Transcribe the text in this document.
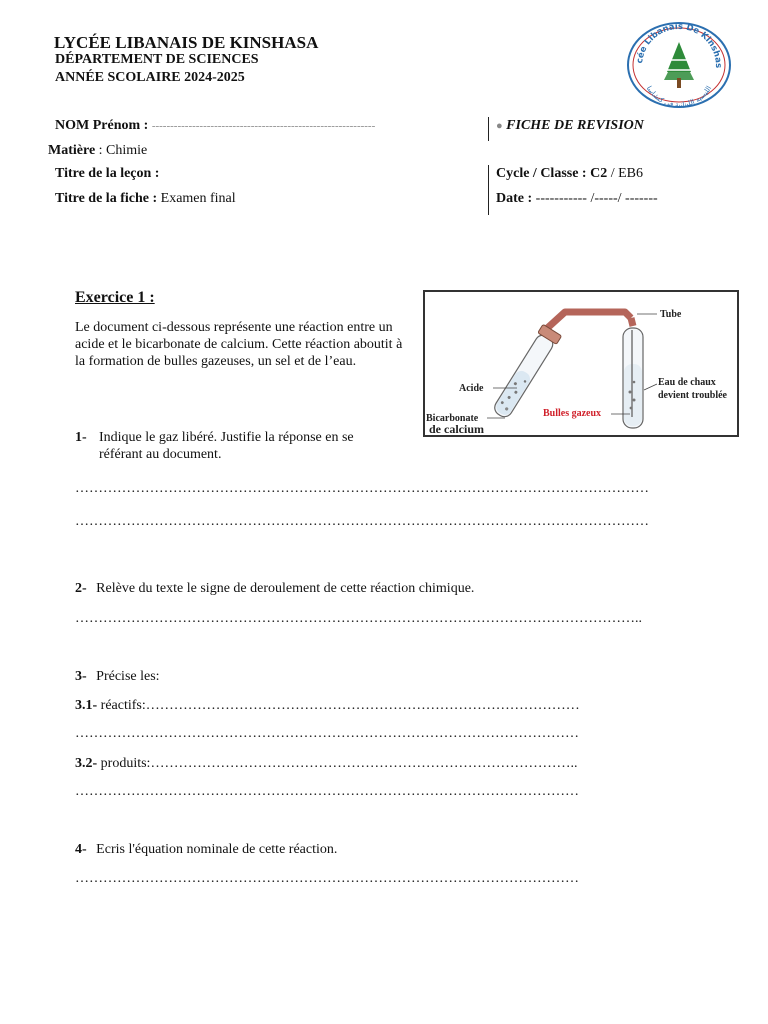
LYCÉE LIBANAIS DE KINSHASA
DÉPARTEMENT DE SCIENCES
ANNÉE SCOLAIRE 2024-2025
cée Libanais De Kinshas
الليسيه اللبنانية في كنشاسا
NOM Prénom : -------------------------------------------------------------	● FICHE DE REVISION
Matière : Chimie
Titre de la leçon :	Cycle / Classe : C2 / EB6
Titre de la fiche : Examen final	Date : ----------- /-----/ -------
Exercice 1 :
Le document ci-dessous représente une réaction entre un acide et le bicarbonate de calcium. Cette réaction aboutit à la formation de bulles gazeuses, un sel et de l’eau.
Tube
Acide
Eau de chaux
devient troublée
Bicarbonate
de calcium
Bulles gazeux
1- Indique le gaz libéré. Justifie la réponse en se référant au document.
……………………………………………………………………………………………………………
……………………………………………………………………………………………………………
2- Relève du texte le signe de deroulement de cette réaction chimique.
…………………………………………………………………………………………………………..
3- Précise les:
3.1- réactifs:…………………………………………………………………………………
………………………………………………………………………………………………
3.2- produits:………………………………………………………………………………..
………………………………………………………………………………………………
4- Ecris l'équation nominale de cette réaction.
………………………………………………………………………………………………
